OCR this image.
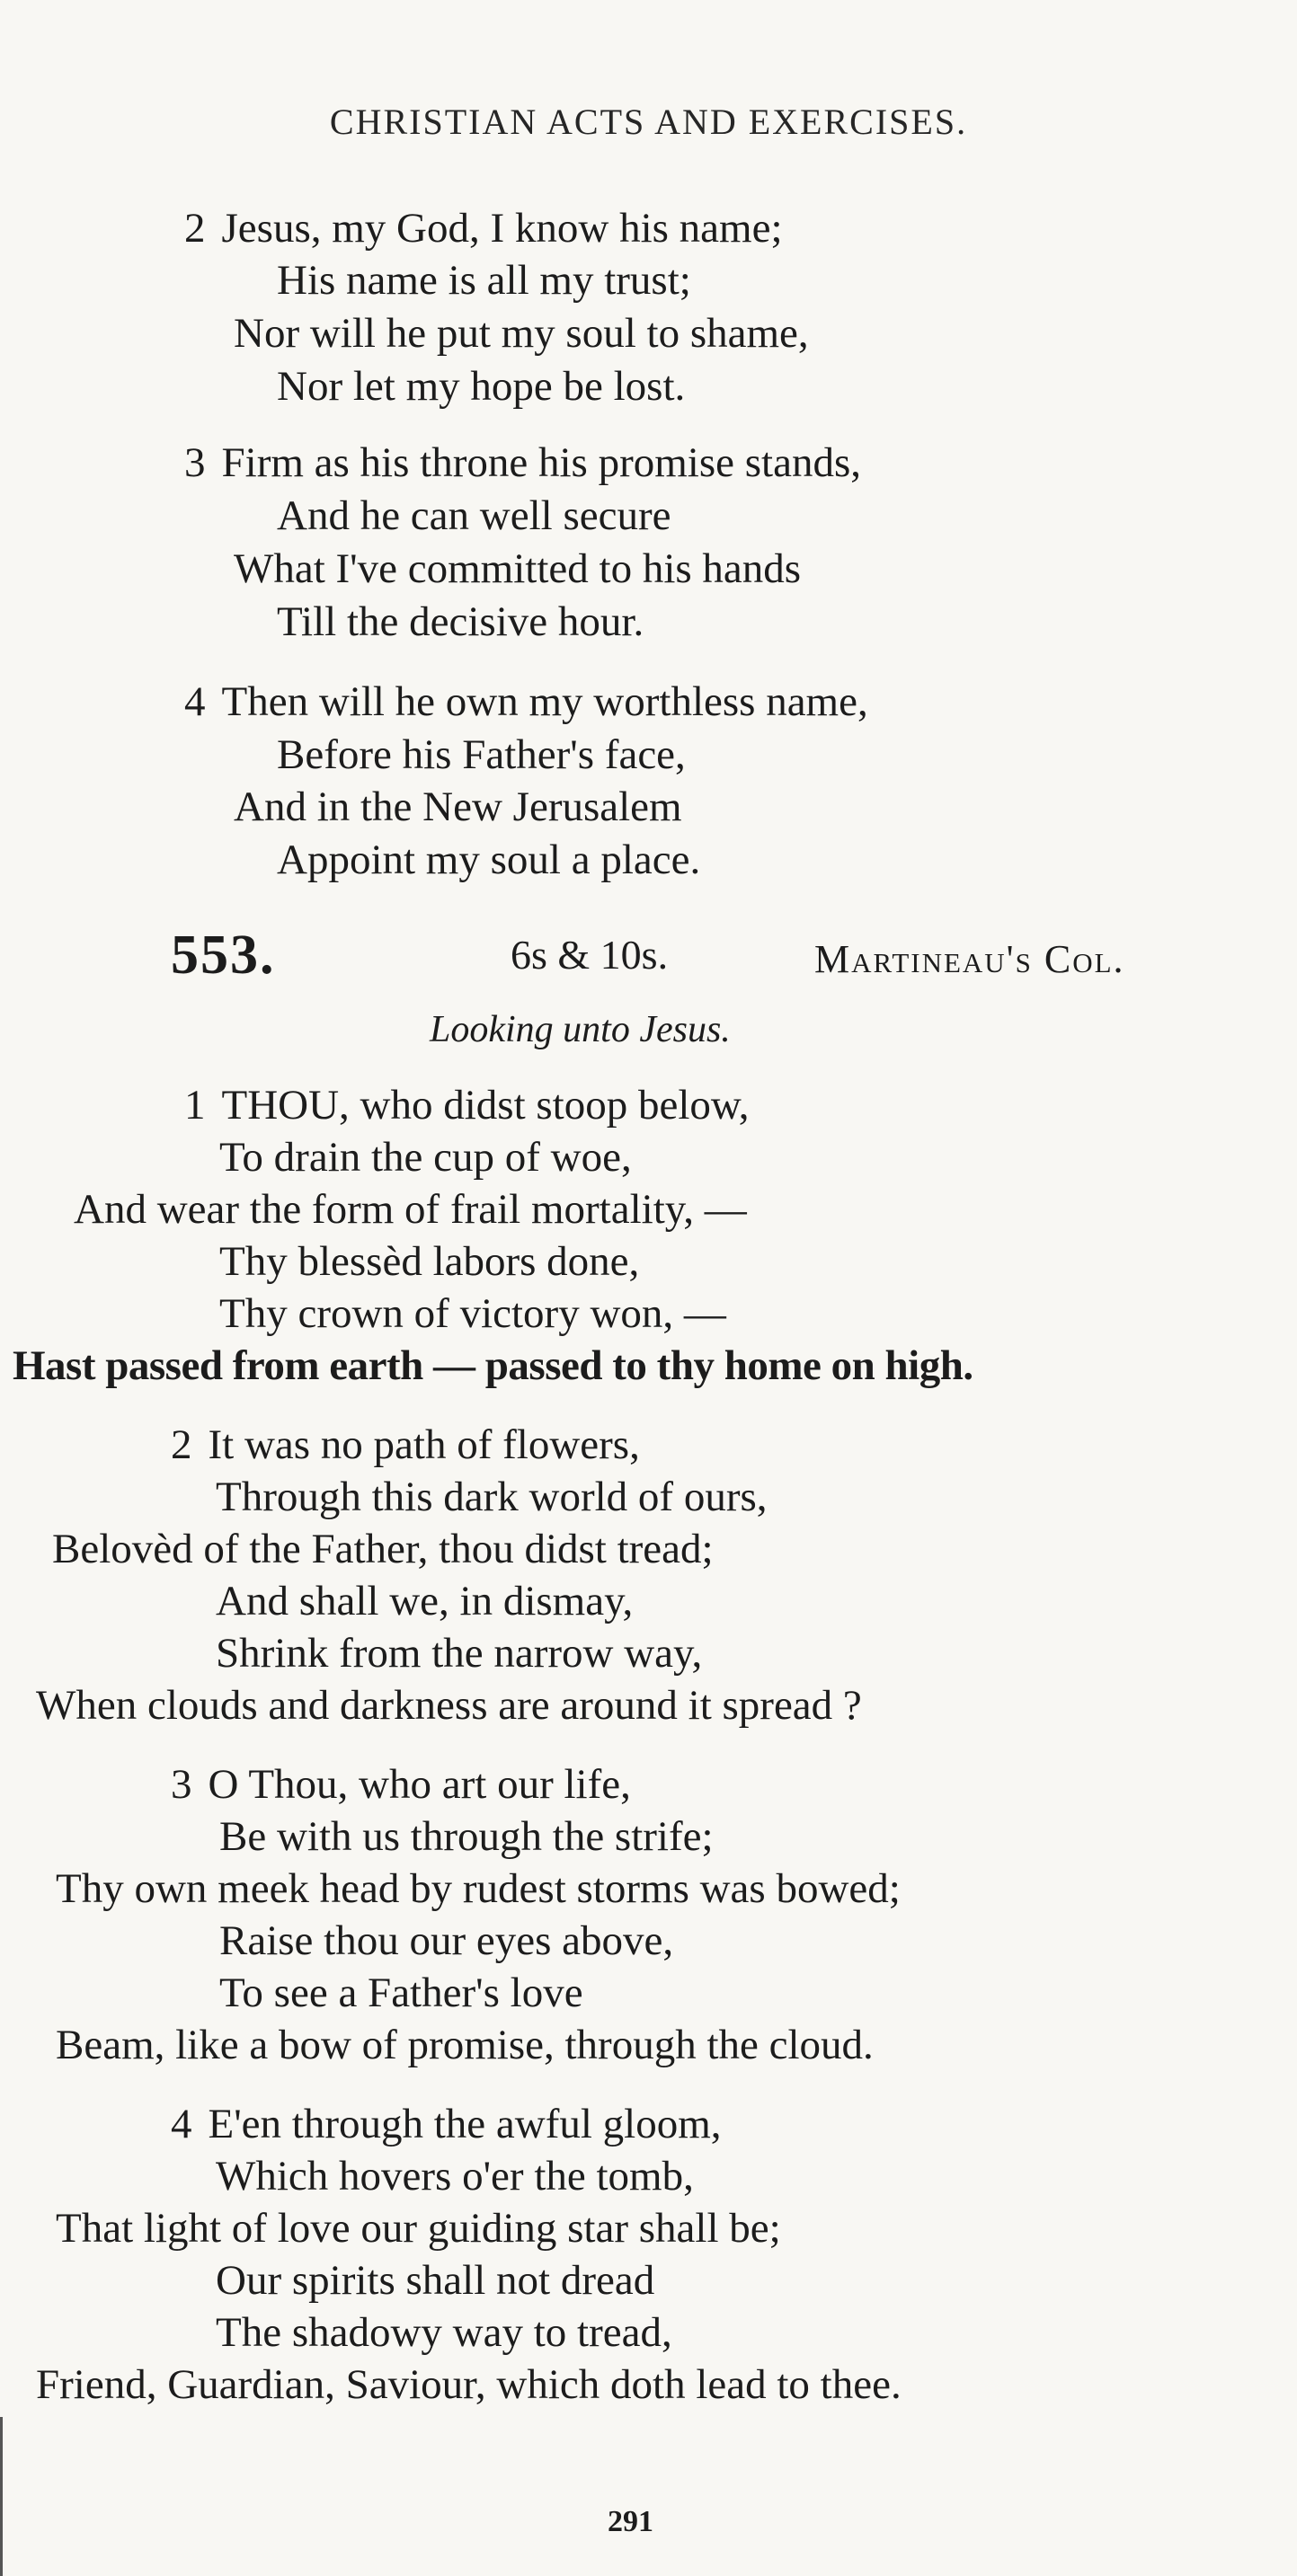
CHRISTIAN ACTS AND EXERCISES.
2 Jesus, my God, I know his name;
His name is all my trust;
Nor will he put my soul to shame,
Nor let my hope be lost.
3 Firm as his throne his promise stands,
And he can well secure
What I've committed to his hands
Till the decisive hour.
4 Then will he own my worthless name,
Before his Father's face,
And in the New Jerusalem
Appoint my soul a place.
553.	6s & 10s.	Martineau's Col.
Looking unto Jesus.
1 THOU, who didst stoop below,
To drain the cup of woe,
And wear the form of frail mortality, —
Thy blessèd labors done,
Thy crown of victory won, —
Hast passed from earth — passed to thy home on high.
2 It was no path of flowers,
Through this dark world of ours,
Belovèd of the Father, thou didst tread;
And shall we, in dismay,
Shrink from the narrow way,
When clouds and darkness are around it spread ?
3 O Thou, who art our life,
Be with us through the strife;
Thy own meek head by rudest storms was bowed;
Raise thou our eyes above,
To see a Father's love
Beam, like a bow of promise, through the cloud.
4 E'en through the awful gloom,
Which hovers o'er the tomb,
That light of love our guiding star shall be;
Our spirits shall not dread
The shadowy way to tread,
Friend, Guardian, Saviour, which doth lead to thee.
291
